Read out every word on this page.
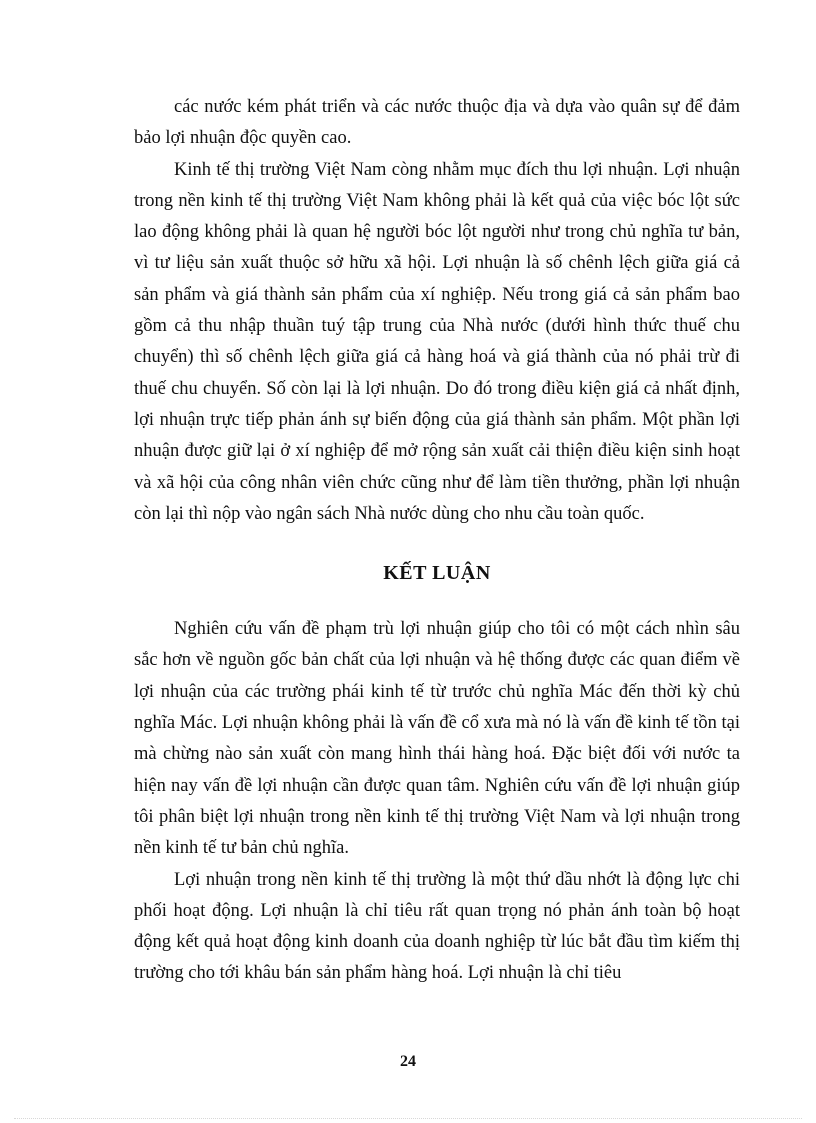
các nước kém phát triển và các nước thuộc địa và dựa vào quân sự để đảm bảo lợi nhuận độc quyền cao.

Kinh tế thị trường Việt Nam còng nhằm mục đích thu lợi nhuận. Lợi nhuận trong nền kinh tế thị trường Việt Nam không phải là kết quả của việc bóc lột sức lao động không phải là quan hệ người bóc lột người như trong chủ nghĩa tư bản, vì tư liệu sản xuất thuộc sở hữu xã hội. Lợi nhuận là số chênh lệch giữa giá cả sản phẩm và giá thành sản phẩm của xí nghiệp. Nếu trong giá cả sản phẩm bao gồm cả thu nhập thuần tuý tập trung của Nhà nước (dưới hình thức thuế chu chuyển) thì số chênh lệch giữa giá cả hàng hoá và giá thành của nó phải trừ đi thuế chu chuyển. Số còn lại là lợi nhuận. Do đó trong điều kiện giá cả nhất định, lợi nhuận trực tiếp phản ánh sự biến động của giá thành sản phẩm. Một phần lợi nhuận được giữ lại ở xí nghiệp để mở rộng sản xuất cải thiện điều kiện sinh hoạt và xã hội của công nhân viên chức cũng như để làm tiền thưởng, phần lợi nhuận còn lại thì nộp vào ngân sách Nhà nước dùng cho nhu cầu toàn quốc.

KẾT LUẬN

Nghiên cứu vấn đề phạm trù lợi nhuận giúp cho tôi có một cách nhìn sâu sắc hơn về nguồn gốc bản chất của lợi nhuận và hệ thống được các quan điểm về lợi nhuận của các trường phái kinh tế từ trước chủ nghĩa Mác đến thời kỳ chủ nghĩa Mác. Lợi nhuận không phải là vấn đề cổ xưa mà nó là vấn đề kinh tế tồn tại mà chừng nào sản xuất còn mang hình thái hàng hoá. Đặc biệt đối với nước ta hiện nay vấn đề lợi nhuận cần được quan tâm. Nghiên cứu vấn đề lợi nhuận giúp tôi phân biệt lợi nhuận trong nền kinh tế thị trường Việt Nam và lợi nhuận trong nền kinh tế tư bản chủ nghĩa.

Lợi nhuận trong nền kinh tế thị trường là một thứ dầu nhớt là động lực chi phối hoạt động. Lợi nhuận là chỉ tiêu rất quan trọng nó phản ánh toàn bộ hoạt động kết quả hoạt động kinh doanh của doanh nghiệp từ lúc bắt đầu tìm kiếm thị trường cho tới khâu bán sản phẩm hàng hoá. Lợi nhuận là chỉ tiêu

24
